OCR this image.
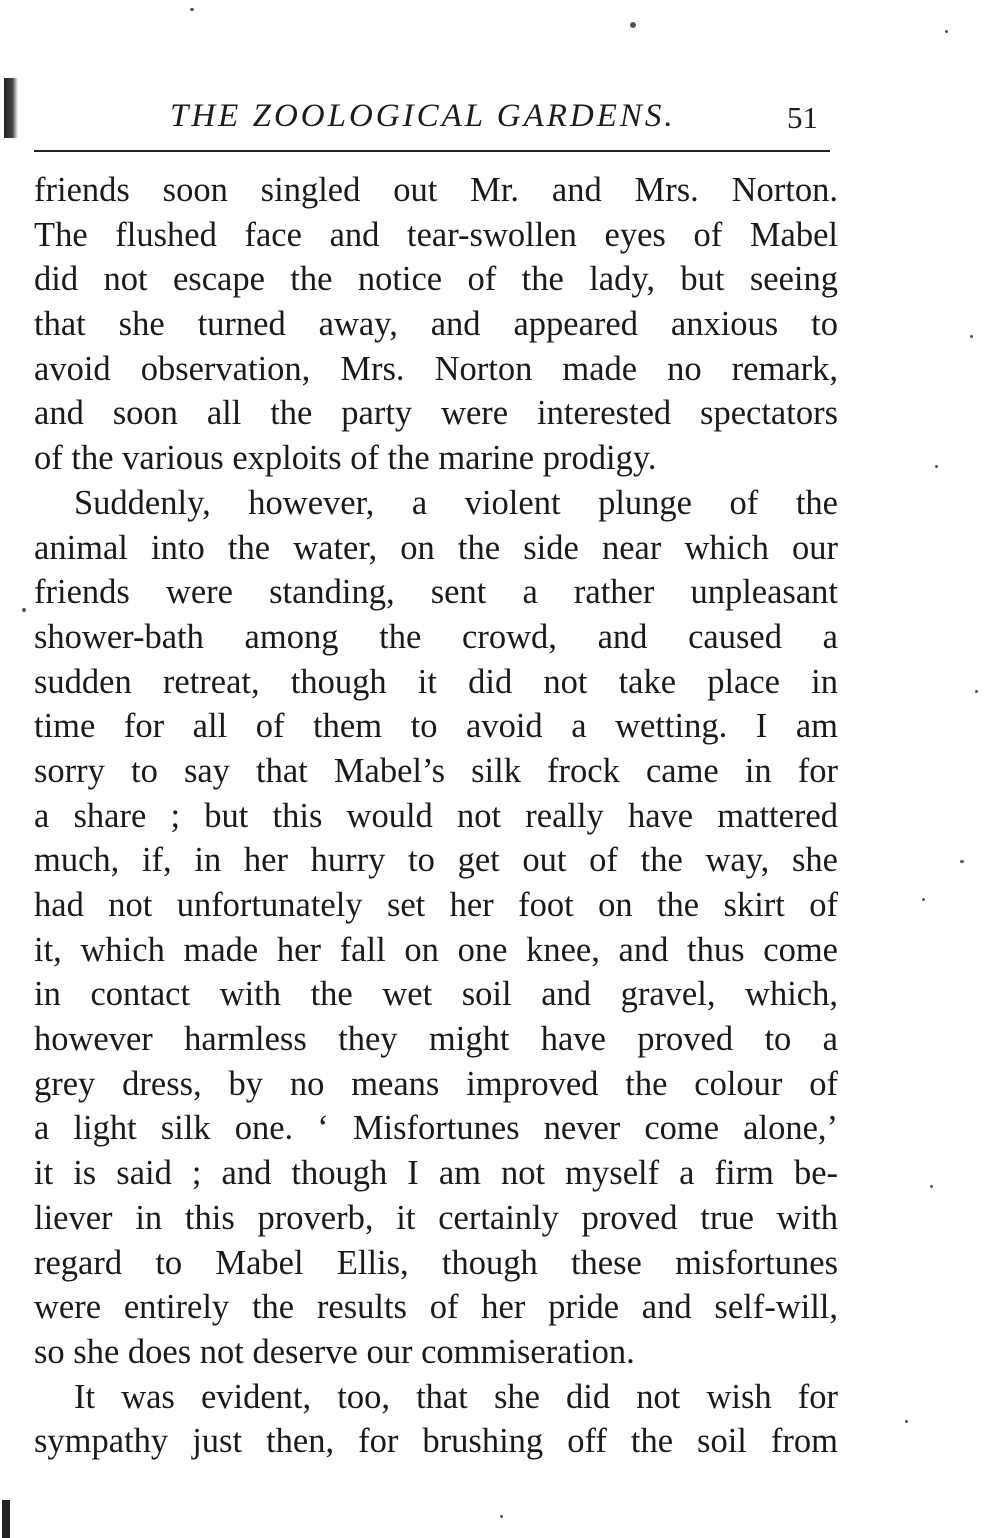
THE ZOOLOGICAL GARDENS.	51
friends soon singled out Mr. and Mrs. Norton.
The flushed face and tear-swollen eyes of Mabel
did not escape the notice of the lady, but seeing
that she turned away, and appeared anxious to
avoid observation, Mrs. Norton made no remark,
and soon all the party were interested spectators
of the various exploits of the marine prodigy.
Suddenly, however, a violent plunge of the
animal into the water, on the side near which our
friends were standing, sent a rather unpleasant
shower-bath among the crowd, and caused a
sudden retreat, though it did not take place in
time for all of them to avoid a wetting. I am
sorry to say that Mabel’s silk frock came in for
a share ; but this would not really have mattered
much, if, in her hurry to get out of the way, she
had not unfortunately set her foot on the skirt of
it, which made her fall on one knee, and thus come
in contact with the wet soil and gravel, which,
however harmless they might have proved to a
grey dress, by no means improved the colour of
a light silk one. ‘ Misfortunes never come alone,’
it is said ; and though I am not myself a firm be-
liever in this proverb, it certainly proved true with
regard to Mabel Ellis, though these misfortunes
were entirely the results of her pride and self-will,
so she does not deserve our commiseration.
It was evident, too, that she did not wish for
sympathy just then, for brushing off the soil from
